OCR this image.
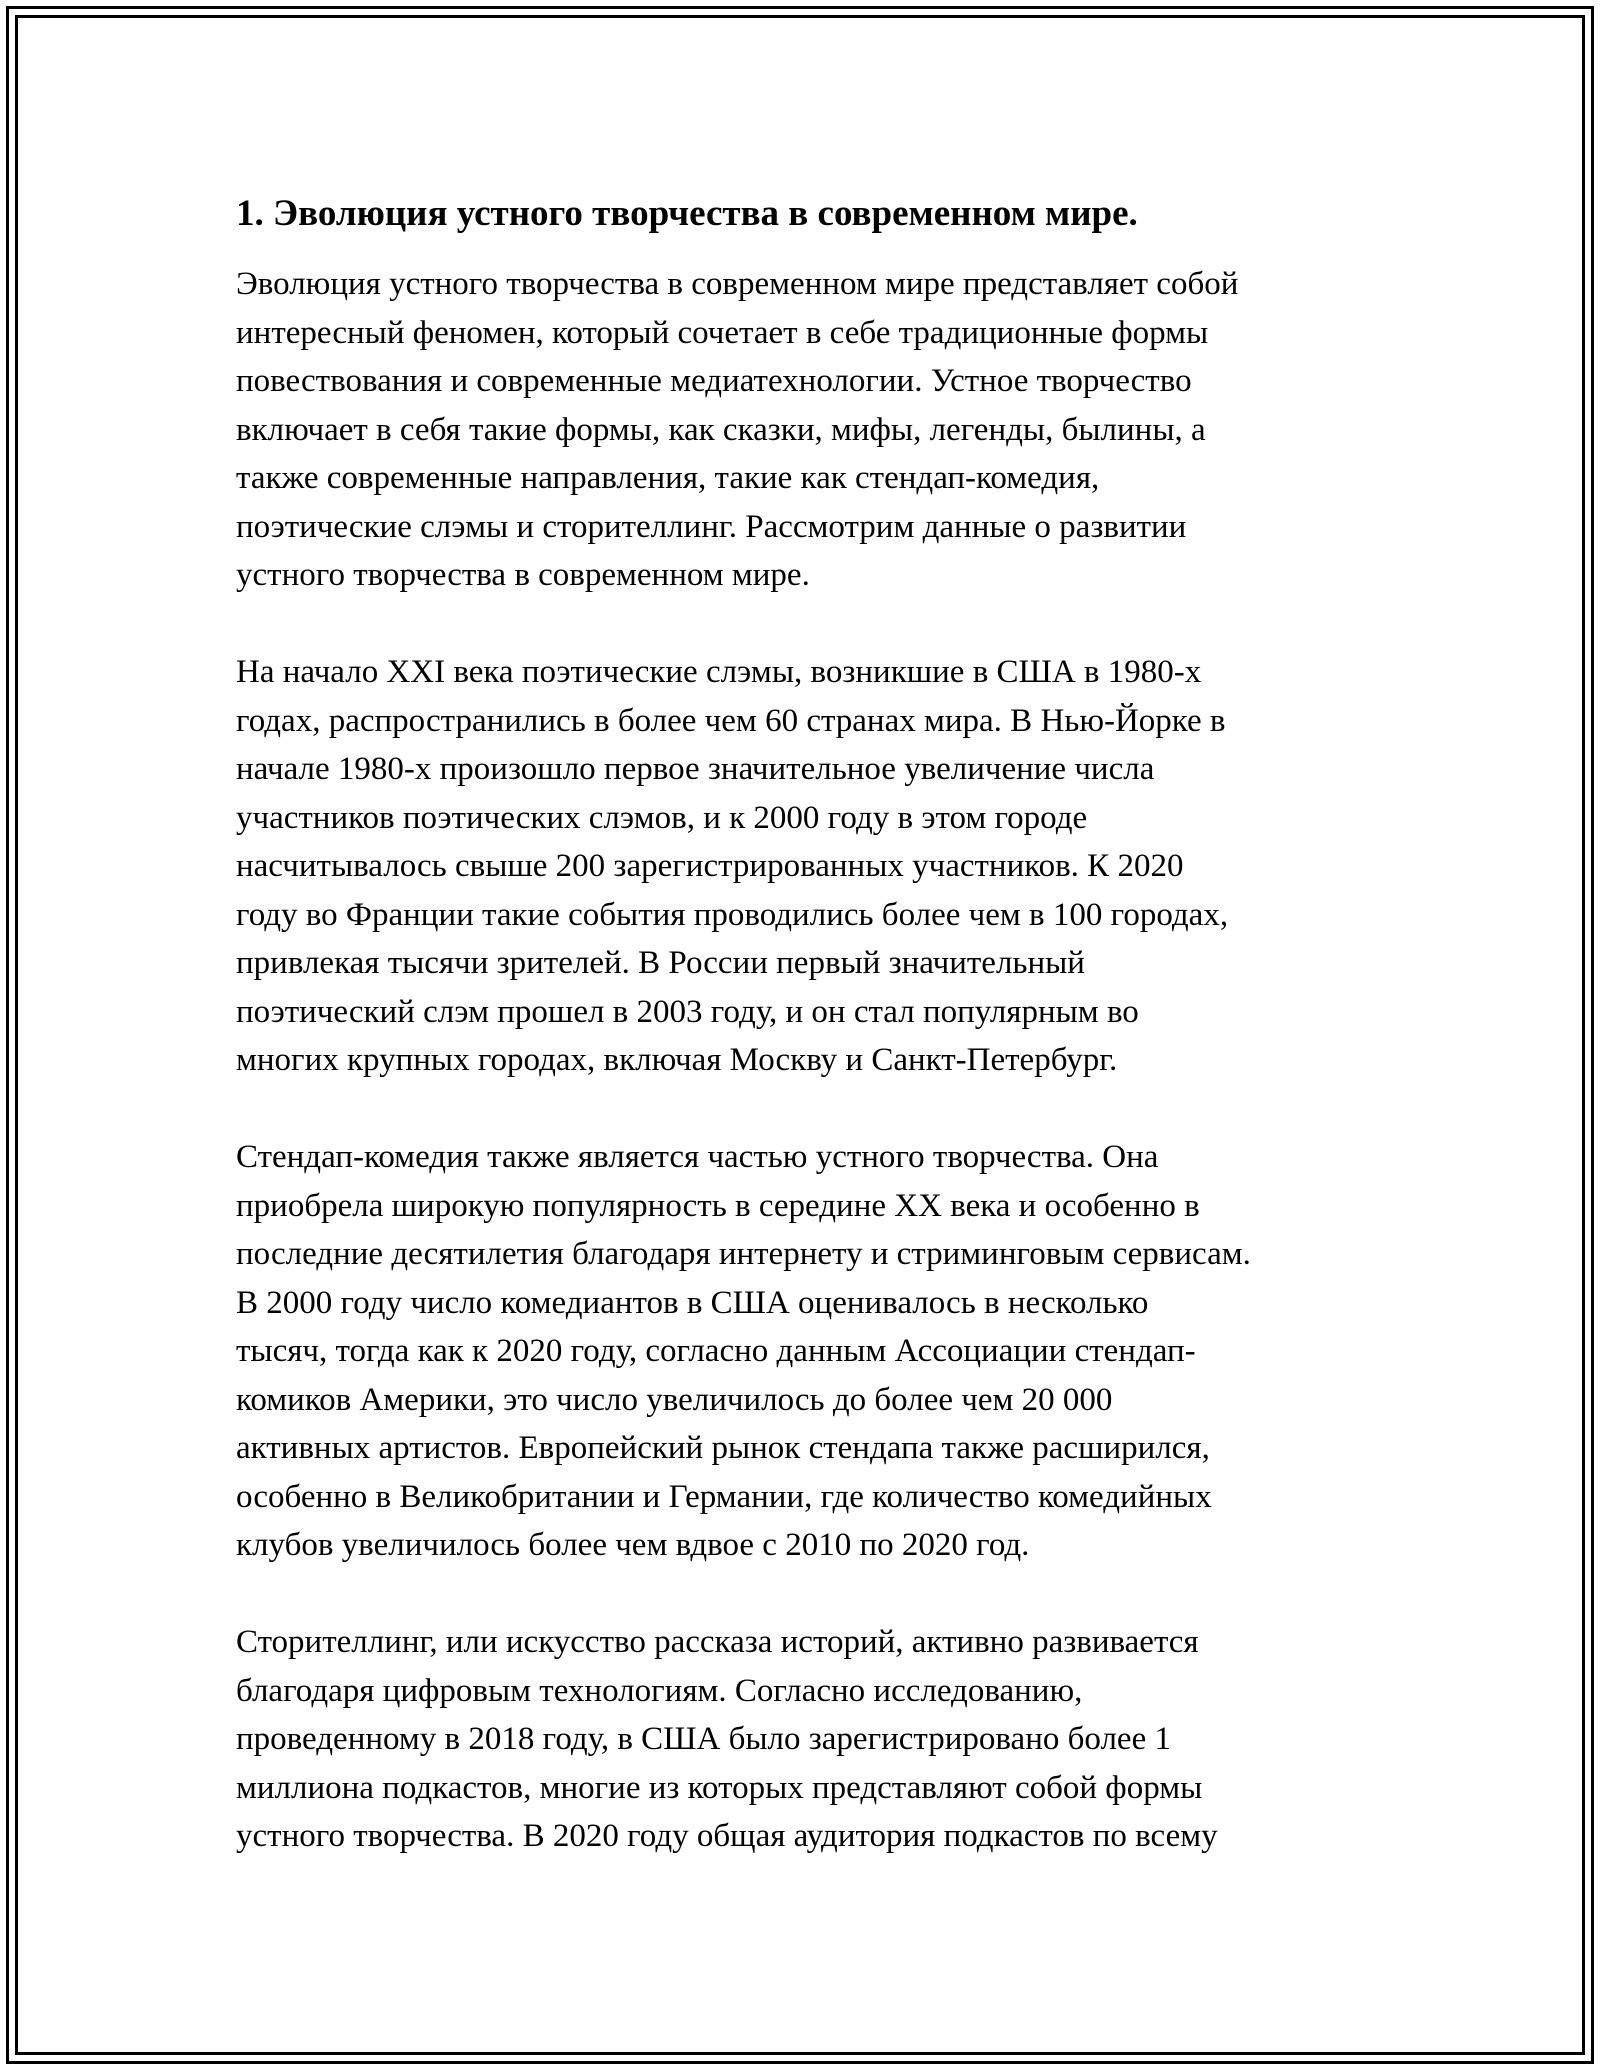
1. Эволюция устного творчества в современном мире.

Эволюция устного творчества в современном мире представляет собой
интересный феномен, который сочетает в себе традиционные формы
повествования и современные медиатехнологии. Устное творчество
включает в себя такие формы, как сказки, мифы, легенды, былины, а
также современные направления, такие как стендап-комедия,
поэтические слэмы и сторителлинг. Рассмотрим данные о развитии
устного творчества в современном мире.

На начало XXI века поэтические слэмы, возникшие в США в 1980-х
годах, распространились в более чем 60 странах мира. В Нью-Йорке в
начале 1980-х произошло первое значительное увеличение числа
участников поэтических слэмов, и к 2000 году в этом городе
насчитывалось свыше 200 зарегистрированных участников. К 2020
году во Франции такие события проводились более чем в 100 городах,
привлекая тысячи зрителей. В России первый значительный
поэтический слэм прошел в 2003 году, и он стал популярным во
многих крупных городах, включая Москву и Санкт-Петербург.

Стендап-комедия также является частью устного творчества. Она
приобрела широкую популярность в середине XX века и особенно в
последние десятилетия благодаря интернету и стриминговым сервисам.
В 2000 году число комедиантов в США оценивалось в несколько
тысяч, тогда как к 2020 году, согласно данным Ассоциации стендап-
комиков Америки, это число увеличилось до более чем 20 000
активных артистов. Европейский рынок стендапа также расширился,
особенно в Великобритании и Германии, где количество комедийных
клубов увеличилось более чем вдвое с 2010 по 2020 год.

Сторителлинг, или искусство рассказа историй, активно развивается
благодаря цифровым технологиям. Согласно исследованию,
проведенному в 2018 году, в США было зарегистрировано более 1
миллиона подкастов, многие из которых представляют собой формы
устного творчества. В 2020 году общая аудитория подкастов по всему
